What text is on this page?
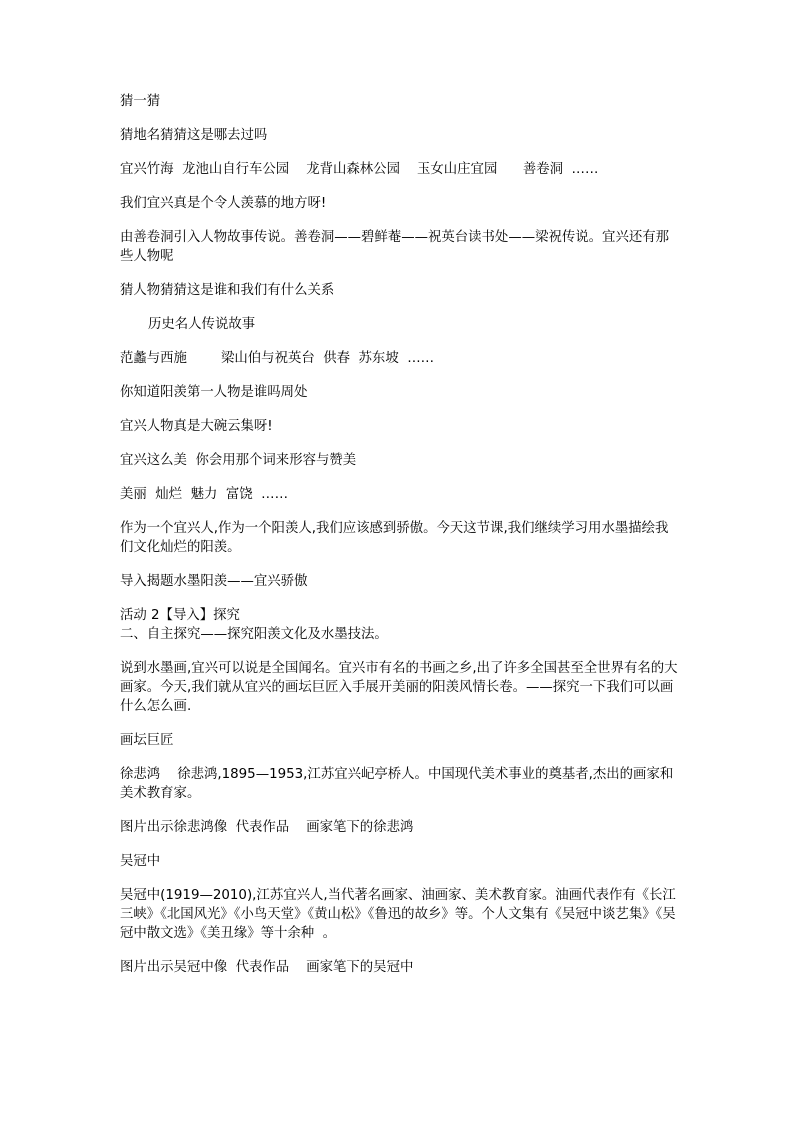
猜一猜
猜地名猜猜这是哪去过吗
宜兴竹海  龙池山自行车公园    龙背山森林公园    玉女山庄宜园      善卷洞  ……
我们宜兴真是个令人羡慕的地方呀!
由善卷洞引入人物故事传说。善卷洞——碧鲜菴——祝英台读书处——梁祝传说。宜兴还有那些人物呢
猜人物猜猜这是谁和我们有什么关系
历史名人传说故事
范蠡与西施        梁山伯与祝英台  供春  苏东坡  ……
你知道阳羡第一人物是谁吗周处
宜兴人物真是大碗云集呀!
宜兴这么美  你会用那个词来形容与赞美
美丽  灿烂  魅力  富饶  ……
作为一个宜兴人,作为一个阳羡人,我们应该感到骄傲。今天这节课,我们继续学习用水墨描绘我们文化灿烂的阳羡。
导入揭题水墨阳羡——宜兴骄傲
活动 2【导入】探究
二、自主探究——探究阳羡文化及水墨技法。
说到水墨画,宜兴可以说是全国闻名。宜兴市有名的书画之乡,出了许多全国甚至全世界有名的大画家。今天,我们就从宜兴的画坛巨匠入手展开美丽的阳羡风情长卷。——探究一下我们可以画什么怎么画.
画坛巨匠
徐悲鸿    徐悲鸿,1895—1953,江苏宜兴屺亭桥人。中国现代美术事业的奠基者,杰出的画家和美术教育家。
图片出示徐悲鸿像  代表作品    画家笔下的徐悲鸿
吴冠中
吴冠中(1919—2010),江苏宜兴人,当代著名画家、油画家、美术教育家。油画代表作有《长江三峡》《北国风光》《小鸟天堂》《黄山松》《鲁迅的故乡》等。个人文集有《吴冠中谈艺集》《吴冠中散文选》《美丑缘》等十余种  。
图片出示吴冠中像  代表作品    画家笔下的吴冠中
